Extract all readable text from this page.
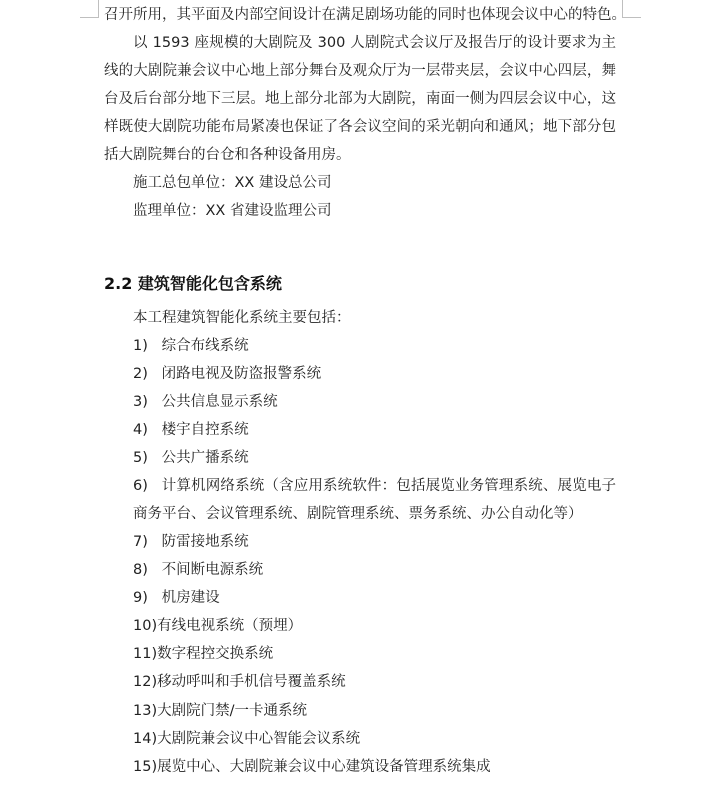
召开所用，其平面及内部空间设计在满足剧场功能的同时也体现会议中心的特色。
以 1593 座规模的大剧院及 300 人剧院式会议厅及报告厅的设计要求为主线的大剧院兼会议中心地上部分舞台及观众厅为一层带夹层，会议中心四层，舞台及后台部分地下三层。地上部分北部为大剧院，南面一侧为四层会议中心，这样既使大剧院功能布局紧凑也保证了各会议空间的采光朝向和通风；地下部分包括大剧院舞台的台仓和各种设备用房。
施工总包单位：XX 建设总公司
监理单位：XX 省建设监理公司
2.2 建筑智能化包含系统
本工程建筑智能化系统主要包括：
1) 综合布线系统
2) 闭路电视及防盗报警系统
3) 公共信息显示系统
4) 楼宇自控系统
5) 公共广播系统
6) 计算机网络系统（含应用系统软件：包括展览业务管理系统、展览电子商务平台、会议管理系统、剧院管理系统、票务系统、办公自动化等）
7) 防雷接地系统
8) 不间断电源系统
9) 机房建设
10)有线电视系统（预埋）
11)数字程控交换系统
12)移动呼叫和手机信号覆盖系统
13)大剧院门禁/一卡通系统
14)大剧院兼会议中心智能会议系统
15)展览中心、大剧院兼会议中心建筑设备管理系统集成
